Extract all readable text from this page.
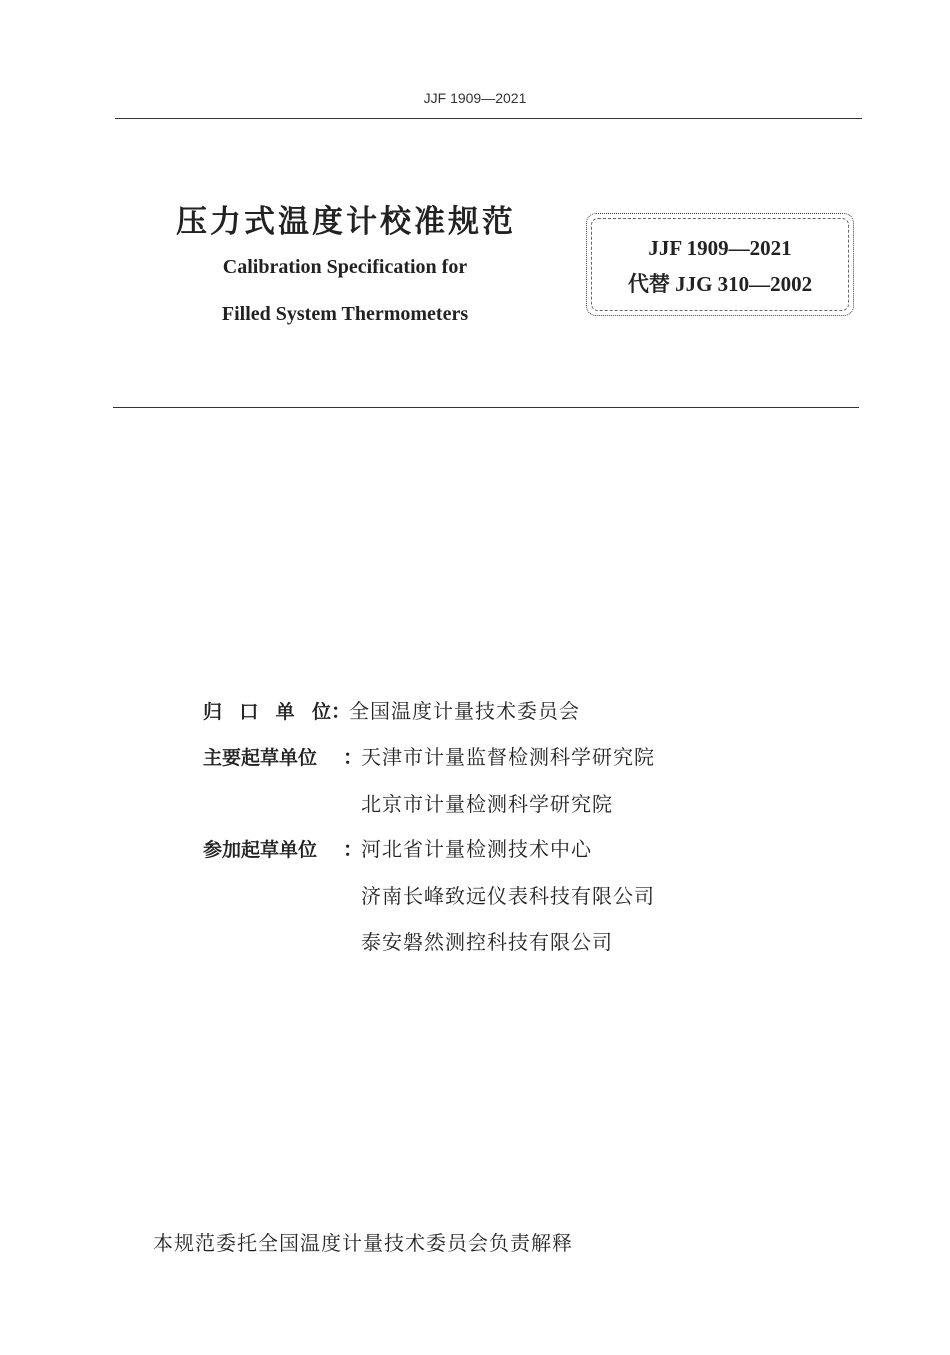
JJF 1909—2021
压力式温度计校准规范
Calibration Specification for
Filled System Thermometers
JJF 1909—2021
代替 JJG 310—2002
归 口 单 位：全国温度计量技术委员会
主要起草单位 ：天津市计量监督检测科学研究院
北京市计量检测科学研究院
参加起草单位 ：河北省计量检测技术中心
济南长峰致远仪表科技有限公司
泰安磐然测控科技有限公司
本规范委托全国温度计量技术委员会负责解释
